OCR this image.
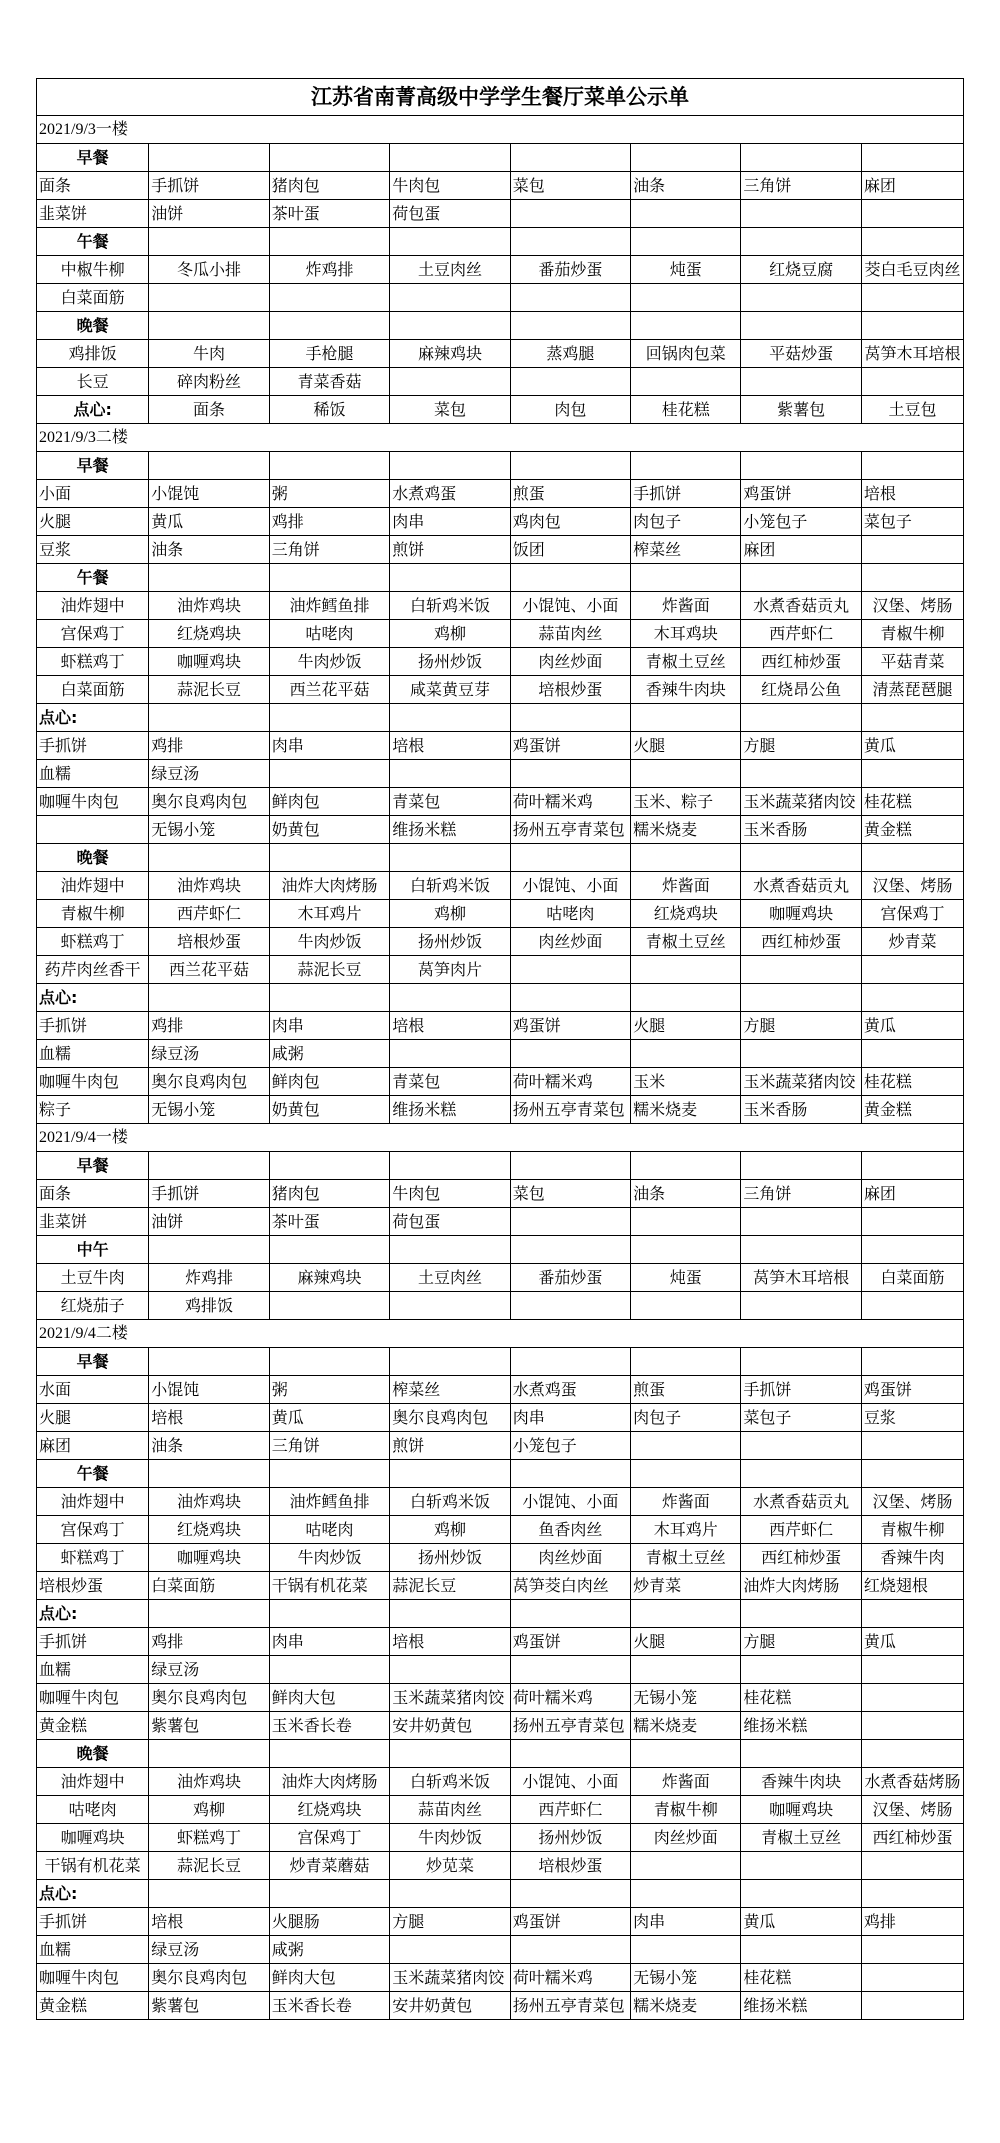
江苏省南菁高级中学学生餐厅菜单公示单							
2021/9/3一楼							
早餐							
面条	手抓饼	猪肉包	牛肉包	菜包	油条	三角饼	麻团
韭菜饼	油饼	茶叶蛋	荷包蛋				
午餐							
中椒牛柳	冬瓜小排	炸鸡排	土豆肉丝	番茄炒蛋	炖蛋	红烧豆腐	茭白毛豆肉丝
白菜面筋							
晚餐							
鸡排饭	牛肉	手枪腿	麻辣鸡块	蒸鸡腿	回锅肉包菜	平菇炒蛋	莴笋木耳培根
长豆	碎肉粉丝	青菜香菇					
点心:	面条	稀饭	菜包	肉包	桂花糕	紫薯包	土豆包
2021/9/3二楼							
早餐							
小面	小馄饨	粥	水煮鸡蛋	煎蛋	手抓饼	鸡蛋饼	培根
火腿	黄瓜	鸡排	肉串	鸡肉包	肉包子	小笼包子	菜包子
豆浆	油条	三角饼	煎饼	饭团	榨菜丝	麻团	
午餐							
油炸翅中	油炸鸡块	油炸鳕鱼排	白斩鸡米饭	小馄饨、小面	炸酱面	水煮香菇贡丸	汉堡、烤肠
宫保鸡丁	红烧鸡块	咕咾肉	鸡柳	蒜苗肉丝	木耳鸡块	西芹虾仁	青椒牛柳
虾糕鸡丁	咖喱鸡块	牛肉炒饭	扬州炒饭	肉丝炒面	青椒土豆丝	西红柿炒蛋	平菇青菜
白菜面筋	蒜泥长豆	西兰花平菇	咸菜黄豆芽	培根炒蛋	香辣牛肉块	红烧昂公鱼	清蒸琵琶腿
点心:							
手抓饼	鸡排	肉串	培根	鸡蛋饼	火腿	方腿	黄瓜
血糯	绿豆汤						
咖喱牛肉包	奥尔良鸡肉包	鲜肉包	青菜包	荷叶糯米鸡	玉米、粽子	玉米蔬菜猪肉饺	桂花糕
	无锡小笼	奶黄包	维扬米糕	扬州五亭青菜包	糯米烧麦	玉米香肠	黄金糕
晚餐							
油炸翅中	油炸鸡块	油炸大肉烤肠	白斩鸡米饭	小馄饨、小面	炸酱面	水煮香菇贡丸	汉堡、烤肠
青椒牛柳	西芹虾仁	木耳鸡片	鸡柳	咕咾肉	红烧鸡块	咖喱鸡块	宫保鸡丁
虾糕鸡丁	培根炒蛋	牛肉炒饭	扬州炒饭	肉丝炒面	青椒土豆丝	西红柿炒蛋	炒青菜
药芹肉丝香干	西兰花平菇	蒜泥长豆	莴笋肉片				
点心:							
手抓饼	鸡排	肉串	培根	鸡蛋饼	火腿	方腿	黄瓜
血糯	绿豆汤	咸粥					
咖喱牛肉包	奥尔良鸡肉包	鲜肉包	青菜包	荷叶糯米鸡	玉米	玉米蔬菜猪肉饺	桂花糕
粽子	无锡小笼	奶黄包	维扬米糕	扬州五亭青菜包	糯米烧麦	玉米香肠	黄金糕
2021/9/4一楼							
早餐							
面条	手抓饼	猪肉包	牛肉包	菜包	油条	三角饼	麻团
韭菜饼	油饼	茶叶蛋	荷包蛋				
中午							
土豆牛肉	炸鸡排	麻辣鸡块	土豆肉丝	番茄炒蛋	炖蛋	莴笋木耳培根	白菜面筋
红烧茄子	鸡排饭						
2021/9/4二楼							
早餐							
水面	小馄饨	粥	榨菜丝	水煮鸡蛋	煎蛋	手抓饼	鸡蛋饼
火腿	培根	黄瓜	奥尔良鸡肉包	肉串	肉包子	菜包子	豆浆
麻团	油条	三角饼	煎饼	小笼包子			
午餐							
油炸翅中	油炸鸡块	油炸鳕鱼排	白斩鸡米饭	小馄饨、小面	炸酱面	水煮香菇贡丸	汉堡、烤肠
宫保鸡丁	红烧鸡块	咕咾肉	鸡柳	鱼香肉丝	木耳鸡片	西芹虾仁	青椒牛柳
虾糕鸡丁	咖喱鸡块	牛肉炒饭	扬州炒饭	肉丝炒面	青椒土豆丝	西红柿炒蛋	香辣牛肉
培根炒蛋	白菜面筋	干锅有机花菜	蒜泥长豆	莴笋茭白肉丝	炒青菜	油炸大肉烤肠	红烧翅根
点心:							
手抓饼	鸡排	肉串	培根	鸡蛋饼	火腿	方腿	黄瓜
血糯	绿豆汤						
咖喱牛肉包	奥尔良鸡肉包	鲜肉大包	玉米蔬菜猪肉饺	荷叶糯米鸡	无锡小笼	桂花糕	
黄金糕	紫薯包	玉米香长卷	安井奶黄包	扬州五亭青菜包	糯米烧麦	维扬米糕	
晚餐							
油炸翅中	油炸鸡块	油炸大肉烤肠	白斩鸡米饭	小馄饨、小面	炸酱面	香辣牛肉块	水煮香菇烤肠
咕咾肉	鸡柳	红烧鸡块	蒜苗肉丝	西芹虾仁	青椒牛柳	咖喱鸡块	汉堡、烤肠
咖喱鸡块	虾糕鸡丁	宫保鸡丁	牛肉炒饭	扬州炒饭	肉丝炒面	青椒土豆丝	西红柿炒蛋
干锅有机花菜	蒜泥长豆	炒青菜蘑菇	炒苋菜	培根炒蛋			
点心:							
手抓饼	培根	火腿肠	方腿	鸡蛋饼	肉串	黄瓜	鸡排
血糯	绿豆汤	咸粥					
咖喱牛肉包	奥尔良鸡肉包	鲜肉大包	玉米蔬菜猪肉饺	荷叶糯米鸡	无锡小笼	桂花糕	
黄金糕	紫薯包	玉米香长卷	安井奶黄包	扬州五亭青菜包	糯米烧麦	维扬米糕	
